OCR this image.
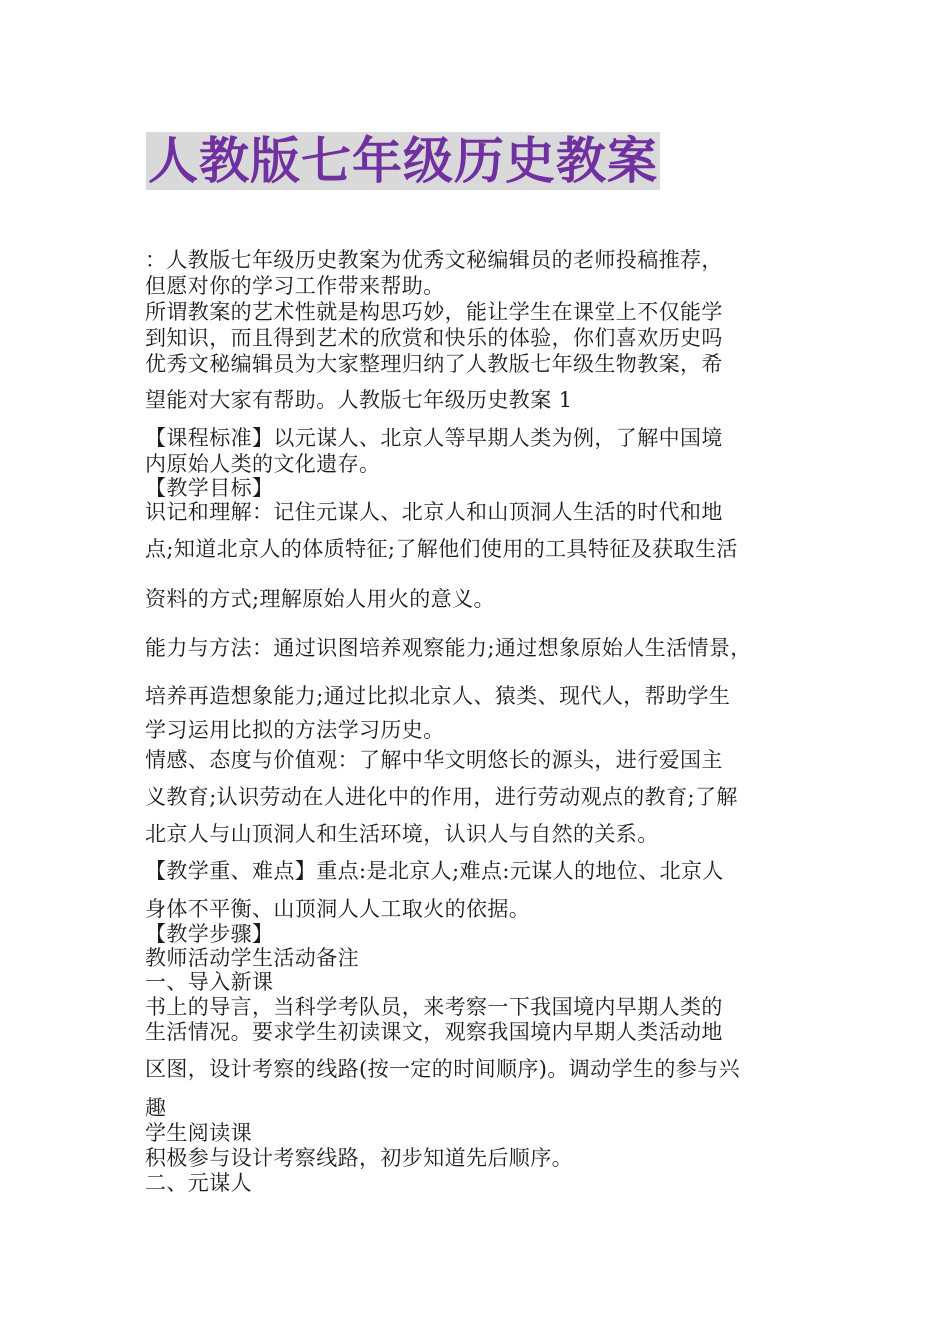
人教版七年级历史教案
：人教版七年级历史教案为优秀文秘编辑员的老师投稿推荐，
但愿对你的学习工作带来帮助。
所谓教案的艺术性就是构思巧妙，能让学生在课堂上不仅能学
到知识，而且得到艺术的欣赏和快乐的体验，你们喜欢历史吗
优秀文秘编辑员为大家整理归纳了人教版七年级生物教案，希
望能对大家有帮助。人教版七年级历史教案 1
【课程标准】以元谋人、北京人等早期人类为例，了解中国境
内原始人类的文化遗存。
【教学目标】
识记和理解：记住元谋人、北京人和山顶洞人生活的时代和地
点;知道北京人的体质特征;了解他们使用的工具特征及获取生活
资料的方式;理解原始人用火的意义。
能力与方法：通过识图培养观察能力;通过想象原始人生活情景，
培养再造想象能力;通过比拟北京人、猿类、现代人，帮助学生
学习运用比拟的方法学习历史。
情感、态度与价值观：了解中华文明悠长的源头，进行爱国主
义教育;认识劳动在人进化中的作用，进行劳动观点的教育;了解
北京人与山顶洞人和生活环境，认识人与自然的关系。
【教学重、难点】重点:是北京人;难点:元谋人的地位、北京人
身体不平衡、山顶洞人人工取火的依据。
【教学步骤】
教师活动学生活动备注
一、导入新课
书上的导言，当科学考队员，来考察一下我国境内早期人类的
生活情况。要求学生初读课文，观察我国境内早期人类活动地
区图，设计考察的线路(按一定的时间顺序)。调动学生的参与兴
趣
学生阅读课
积极参与设计考察线路，初步知道先后顺序。
二、元谋人
